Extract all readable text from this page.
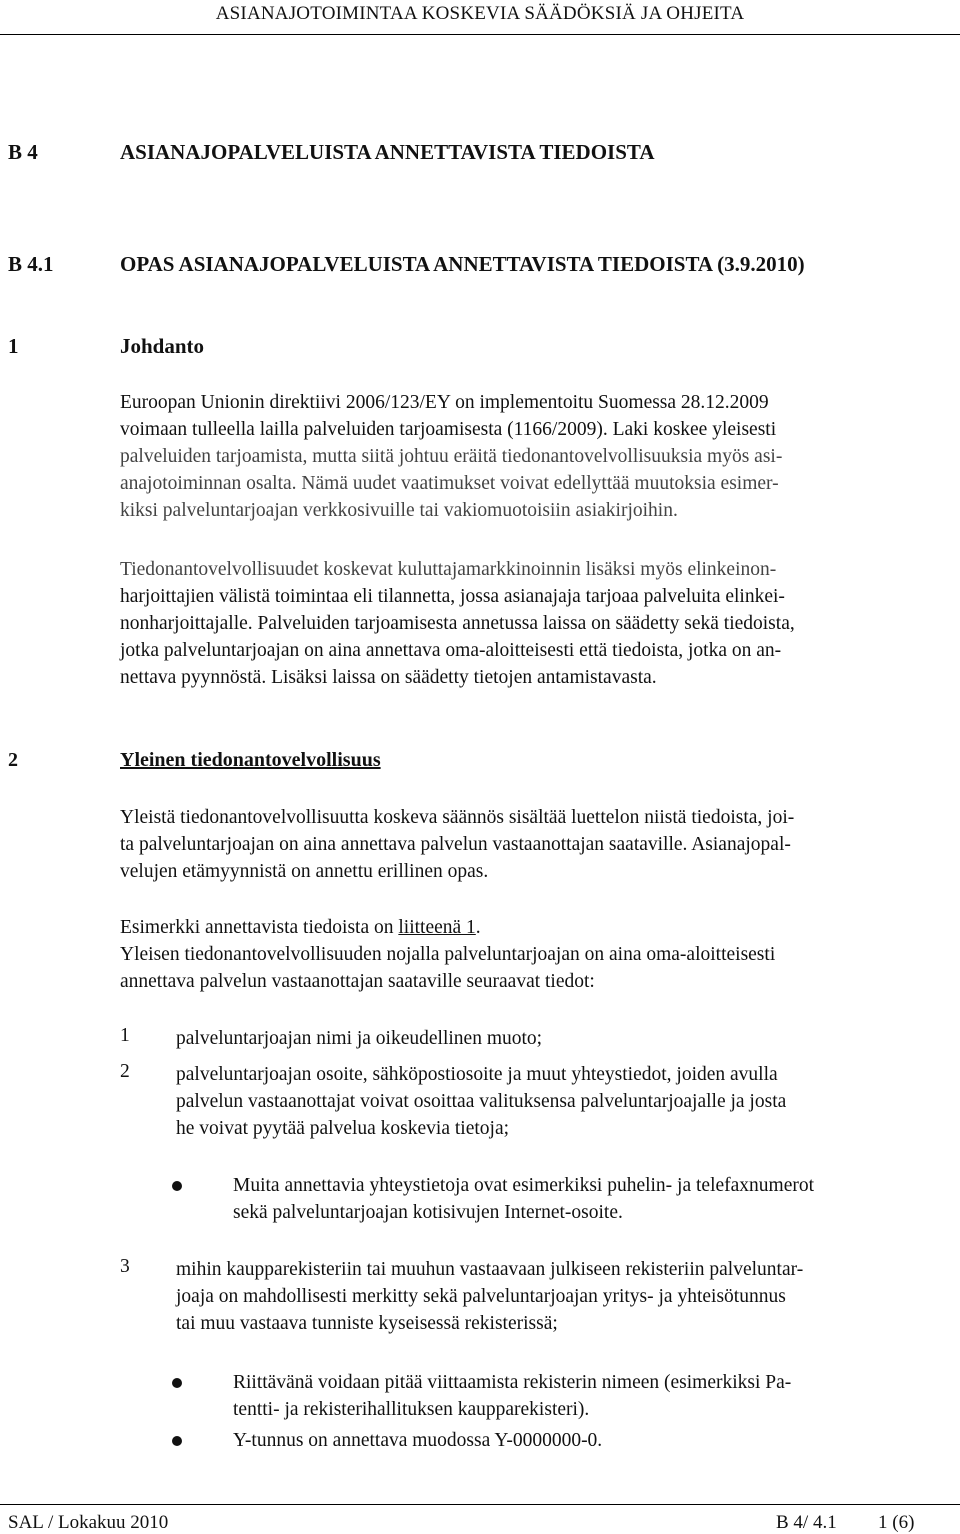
ASIANAJOTOIMINTAA KOSKEVIA SÄÄDÖKSIÄ JA OHJEITA
B 4	ASIANAJOPALVELUISTA ANNETTAVISTA TIEDOISTA
B 4.1	OPAS ASIANAJOPALVELUISTA ANNETTAVISTA TIEDOISTA (3.9.2010)
1	Johdanto
Euroopan Unionin direktiivi 2006/123/EY on implementoitu Suomessa 28.12.2009
voimaan tulleella lailla palveluiden tarjoamisesta (1166/2009). Laki koskee yleisesti
palveluiden tarjoamista, mutta siitä johtuu eräitä tiedonantovelvollisuuksia myös asi-
anajotoiminnan osalta. Nämä uudet vaatimukset voivat edellyttää muutoksia esimer-
kiksi palveluntarjoajan verkkosivuille tai vakiomuotoisiin asiakirjoihin.
Tiedonantovelvollisuudet koskevat kuluttajamarkkinoinnin lisäksi myös elinkeinon-
harjoittajien välistä toimintaa eli tilannetta, jossa asianajaja tarjoaa palveluita elinkei-
nonharjoittajalle. Palveluiden tarjoamisesta annetussa laissa on säädetty sekä tiedoista,
jotka palveluntarjoajan on aina annettava oma-aloitteisesti että tiedoista, jotka on an-
nettava pyynnöstä. Lisäksi laissa on säädetty tietojen antamistavasta.
2	Yleinen tiedonantovelvollisuus
Yleistä tiedonantovelvollisuutta koskeva säännös sisältää luettelon niistä tiedoista, joi-
ta palveluntarjoajan on aina annettava palvelun vastaanottajan saataville. Asianajopal-
velujen etämyynnistä on annettu erillinen opas.
Esimerkki annettavista tiedoista on liitteenä 1.
Yleisen tiedonantovelvollisuuden nojalla palveluntarjoajan on aina oma-aloitteisesti
annettava palvelun vastaanottajan saataville seuraavat tiedot:
1 palveluntarjoajan nimi ja oikeudellinen muoto;
2 palveluntarjoajan osoite, sähköpostiosoite ja muut yhteystiedot, joiden avulla
palvelun vastaanottajat voivat osoittaa valituksensa palveluntarjoajalle ja josta
he voivat pyytää palvelua koskevia tietoja;
Muita annettavia yhteystietoja ovat esimerkiksi puhelin- ja telefaxnumerot
sekä palveluntarjoajan kotisivujen Internet-osoite.
3 mihin kaupparekisteriin tai muuhun vastaavaan julkiseen rekisteriin palveluntar-
joaja on mahdollisesti merkitty sekä palveluntarjoajan yritys- ja yhteisötunnus
tai muu vastaava tunniste kyseisessä rekisterissä;
Riittävänä voidaan pitää viittaamista rekisterin nimeen (esimerkiksi Pa-
tentti- ja rekisterihallituksen kaupparekisteri).
Y-tunnus on annettava muodossa Y-0000000-0.
SAL / Lokakuu 2010	B 4/ 4.1 1 (6)
